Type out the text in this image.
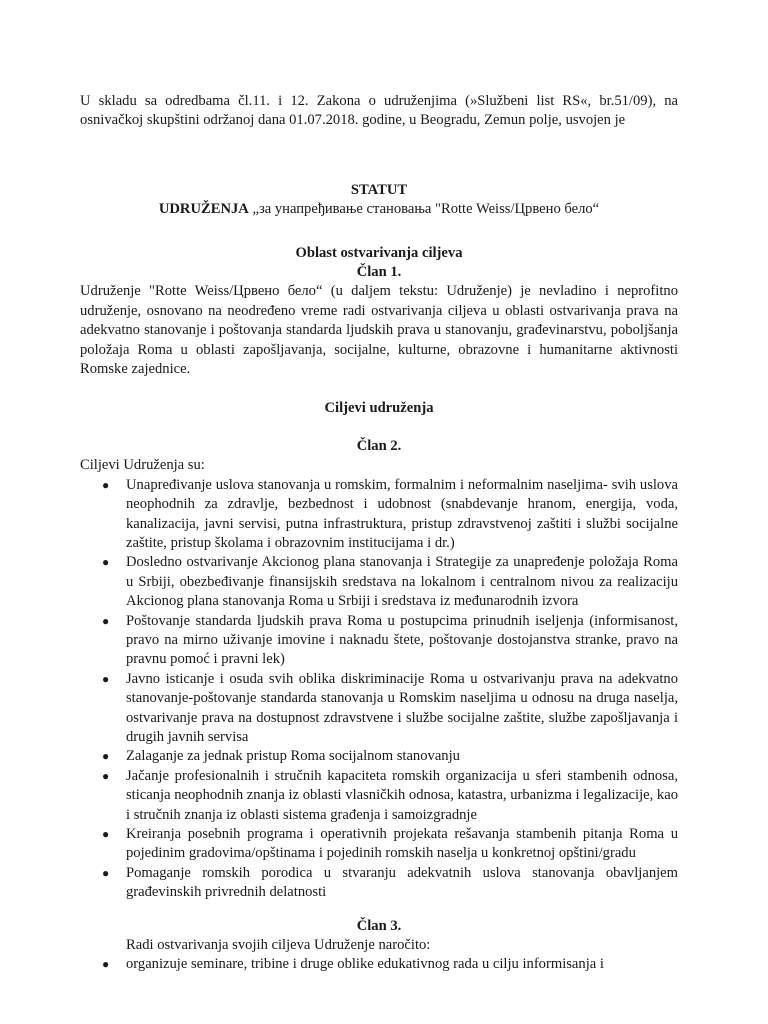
U skladu sa odredbama čl.11. i 12. Zakona o udruženjima (»Službeni list RS«, br.51/09), na

osnivačkoj skupštini održanoj dana 01.07.2018. godine, u Beogradu, Zemun polje, usvojen je

STATUT

UDRUŽENJA „за унапређивање становања "Rotte Weiss/Црвено бело“

Oblast ostvarivanja ciljeva

Član 1.

Udruženje "Rotte Weiss/Црвено бело“ (u daljem tekstu: Udruženje) je nevladino i neprofitno udruženje, osnovano na neodređeno vreme radi ostvarivanja ciljeva u oblasti ostvarivanja prava na adekvatno stanovanje i poštovanja standarda ljudskih prava u stanovanju, građevinarstvu, poboljšanja položaja Roma u oblasti zapošljavanja, socijalne, kulturne, obrazovne i humanitarne aktivnosti Romske zajednice.

Ciljevi udruženja

Član 2.

Ciljevi Udruženja su:

● Unapređivanje uslova stanovanja u romskim, formalnim i neformalnim naseljima- svih uslova neophodnih za zdravlje, bezbednost i udobnost (snabdevanje hranom, energija, voda, kanalizacija, javni servisi, putna infrastruktura, pristup zdravstvenoj zaštiti i službi socijalne zaštite, pristup školama i obrazovnim institucijama i dr.)
● Dosledno ostvarivanje Akcionog plana stanovanja i Strategije za unapređenje položaja Roma u Srbiji, obezbeđivanje finansijskih sredstava na lokalnom i centralnom nivou za realizaciju Akcionog plana stanovanja Roma u Srbiji i sredstava iz međunarodnih izvora
● Poštovanje standarda ljudskih prava Roma u postupcima prinudnih iseljenja (informisanost, pravo na mirno uživanje imovine i naknadu štete, poštovanje dostojanstva stranke, pravo na pravnu pomoć i pravni lek)
● Javno isticanje i osuda svih oblika diskriminacije Roma u ostvarivanju prava na adekvatno stanovanje-poštovanje standarda stanovanja u Romskim naseljima u odnosu na druga naselja, ostvarivanje prava na dostupnost zdravstvene i službe socijalne zaštite, službe zapošljavanja i drugih javnih servisa
● Zalaganje za jednak pristup Roma socijalnom stanovanju
● Jačanje profesionalnih i stručnih kapaciteta romskih organizacija u sferi stambenih odnosa, sticanja neophodnih znanja iz oblasti vlasničkih odnosa, katastra, urbanizma i legalizacije, kao i stručnih znanja iz oblasti sistema građenja i samoizgradnje
● Kreiranja posebnih programa i operativnih projekata rešavanja stambenih pitanja Roma u pojedinim gradovima/opštinama i pojedinih romskih naselja u konkretnoj opštini/gradu
● Pomaganje romskih porodica u stvaranju adekvatnih uslova stanovanja obavljanjem građevinskih privrednih delatnosti

Član 3.

Radi ostvarivanja svojih ciljeva Udruženje naročito:

● organizuje seminare, tribine i druge oblike edukativnog rada u cilju informisanja i
